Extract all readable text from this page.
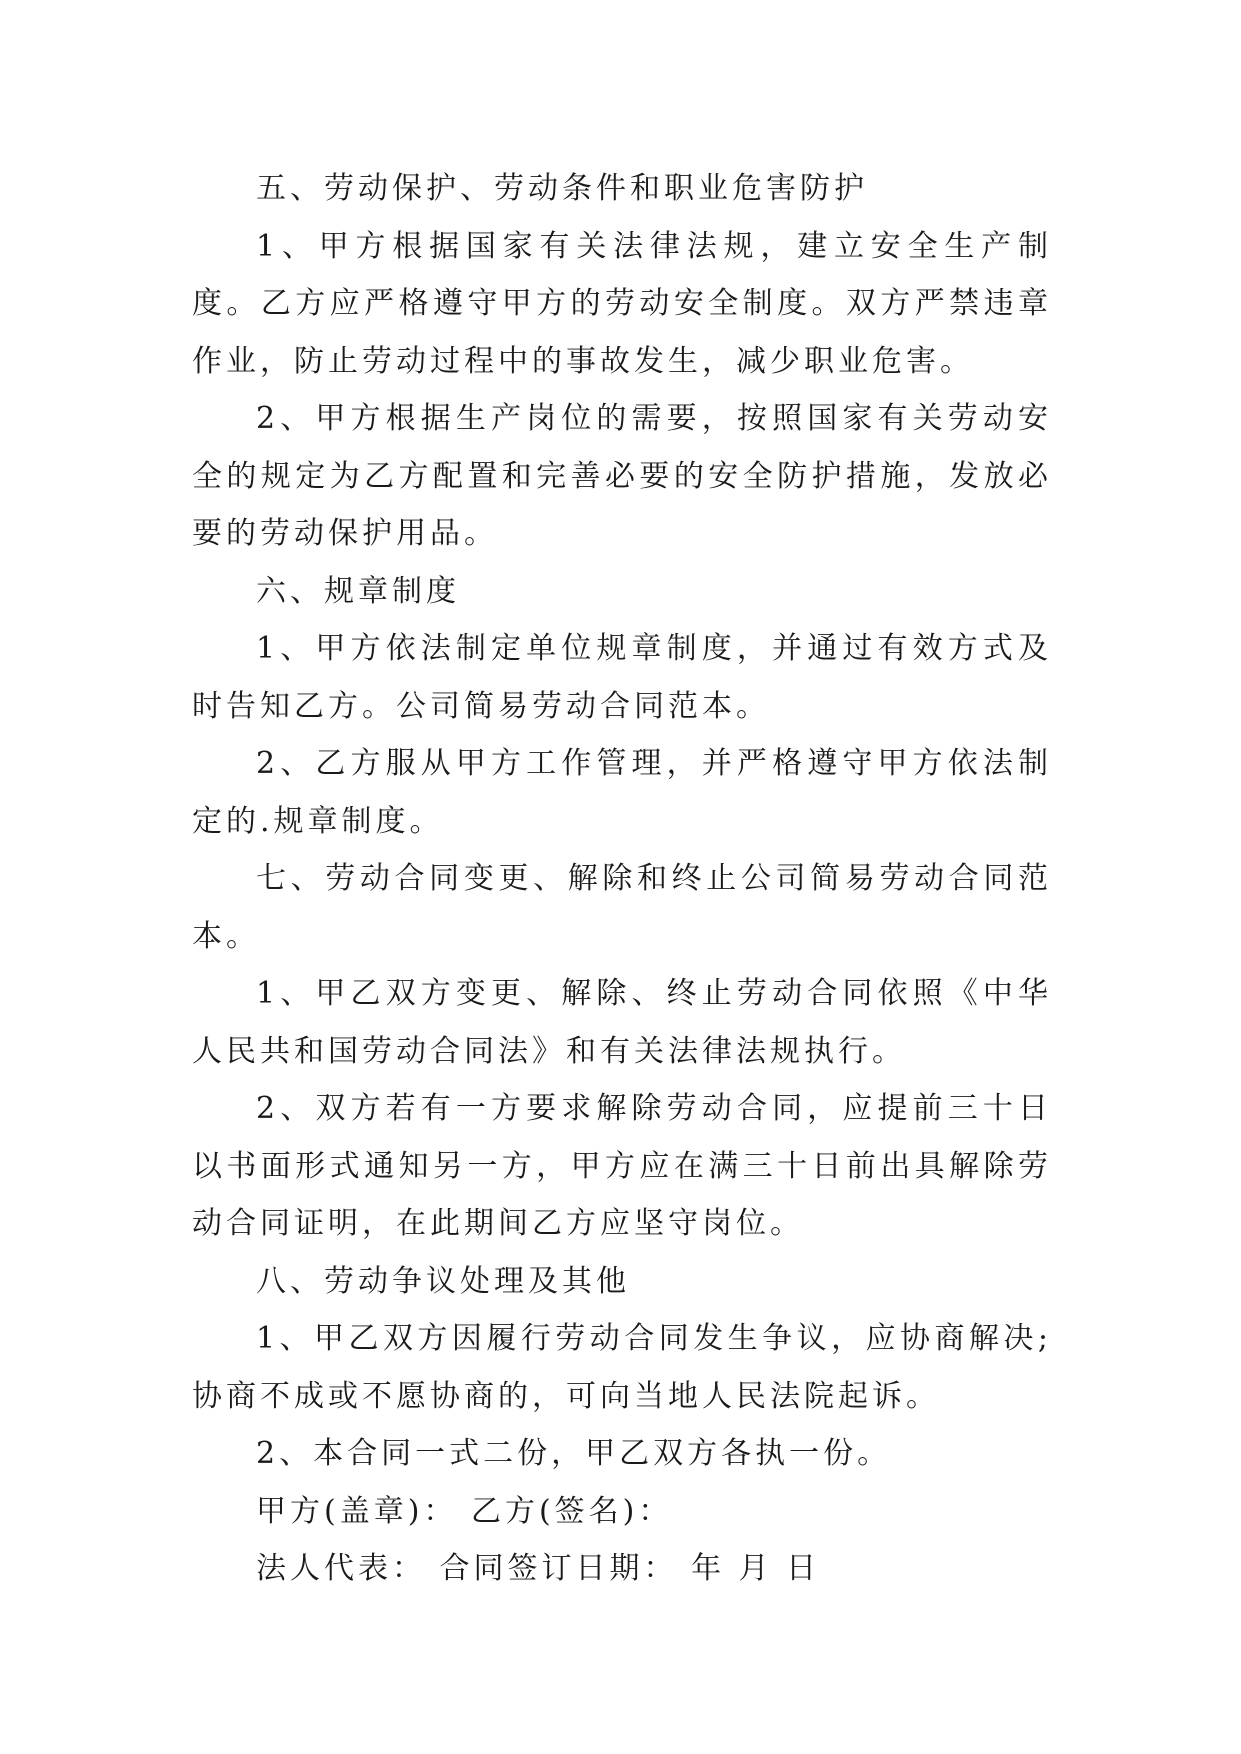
五、劳动保护、劳动条件和职业危害防护

1、甲方根据国家有关法律法规，建立安全生产制度。乙方应严格遵守甲方的劳动安全制度。双方严禁违章作业，防止劳动过程中的事故发生，减少职业危害。

2、甲方根据生产岗位的需要，按照国家有关劳动安全的规定为乙方配置和完善必要的安全防护措施，发放必要的劳动保护用品。

六、规章制度

1、甲方依法制定单位规章制度，并通过有效方式及时告知乙方。公司简易劳动合同范本。

2、乙方服从甲方工作管理，并严格遵守甲方依法制定的.规章制度。

七、劳动合同变更、解除和终止公司简易劳动合同范本。

1、甲乙双方变更、解除、终止劳动合同依照《中华人民共和国劳动合同法》和有关法律法规执行。

2、双方若有一方要求解除劳动合同，应提前三十日以书面形式通知另一方，甲方应在满三十日前出具解除劳动合同证明，在此期间乙方应坚守岗位。

八、劳动争议处理及其他

1、甲乙双方因履行劳动合同发生争议，应协商解决;协商不成或不愿协商的，可向当地人民法院起诉。

2、本合同一式二份，甲乙双方各执一份。

甲方(盖章)： 乙方(签名)：

法人代表： 合同签订日期： 年 月 日
